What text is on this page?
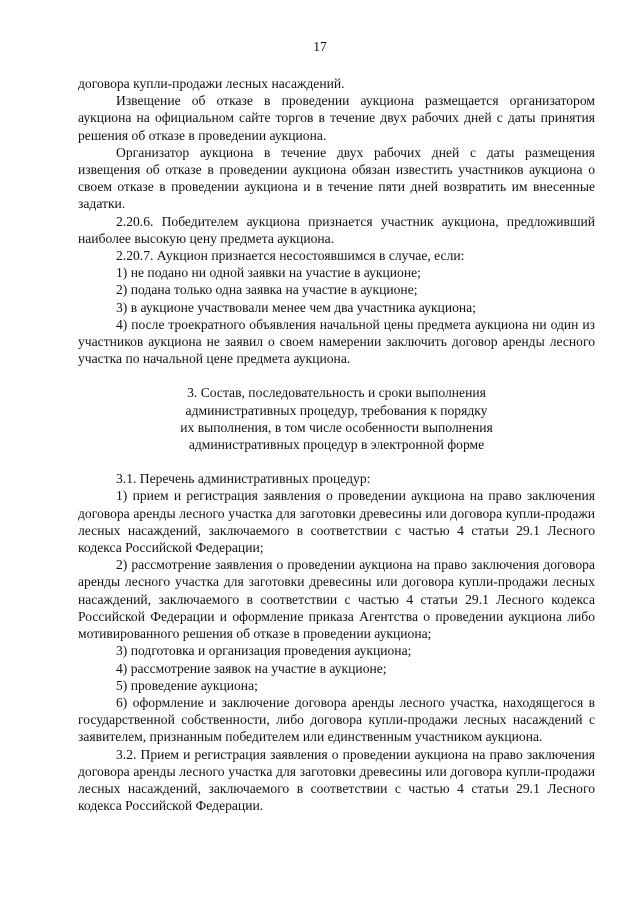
17

договора купли-продажи лесных насаждений.

Извещение об отказе в проведении аукциона размещается организатором аукциона на официальном сайте торгов в течение двух рабочих дней с даты принятия решения об отказе в проведении аукциона.

Организатор аукциона в течение двух рабочих дней с даты размещения извещения об отказе в проведении аукциона обязан известить участников аукциона о своем отказе в проведении аукциона и в течение пяти дней возвратить им внесенные задатки.

2.20.6. Победителем аукциона признается участник аукциона, предложивший наиболее высокую цену предмета аукциона.

2.20.7. Аукцион признается несостоявшимся в случае, если:

1) не подано ни одной заявки на участие в аукционе;

2) подана только одна заявка на участие в аукционе;

3) в аукционе участвовали менее чем два участника аукциона;

4) после троекратного объявления начальной цены предмета аукциона ни один из участников аукциона не заявил о своем намерении заключить договор аренды лесного участка по начальной цене предмета аукциона.

3. Состав, последовательность и сроки выполнения
административных процедур, требования к порядку
их выполнения, в том числе особенности выполнения
административных процедур в электронной форме

3.1. Перечень административных процедур:

1) прием и регистрация заявления о проведении аукциона на право заключения договора аренды лесного участка для заготовки древесины или договора купли-продажи лесных насаждений, заключаемого в соответствии с частью 4 статьи 29.1 Лесного кодекса Российской Федерации;

2) рассмотрение заявления о проведении аукциона на право заключения договора аренды лесного участка для заготовки древесины или договора купли-продажи лесных насаждений, заключаемого в соответствии с частью 4 статьи 29.1 Лесного кодекса Российской Федерации и оформление приказа Агентства о проведении аукциона либо мотивированного решения об отказе в проведении аукциона;

3) подготовка и организация проведения аукциона;

4) рассмотрение заявок на участие в аукционе;

5) проведение аукциона;

6) оформление и заключение договора аренды лесного участка, находящегося в государственной собственности, либо договора купли-продажи лесных насаждений с заявителем, признанным победителем или единственным участником аукциона.

3.2. Прием и регистрация заявления о проведении аукциона на право заключения договора аренды лесного участка для заготовки древесины или договора купли-продажи лесных насаждений, заключаемого в соответствии с частью 4 статьи 29.1 Лесного кодекса Российской Федерации.
